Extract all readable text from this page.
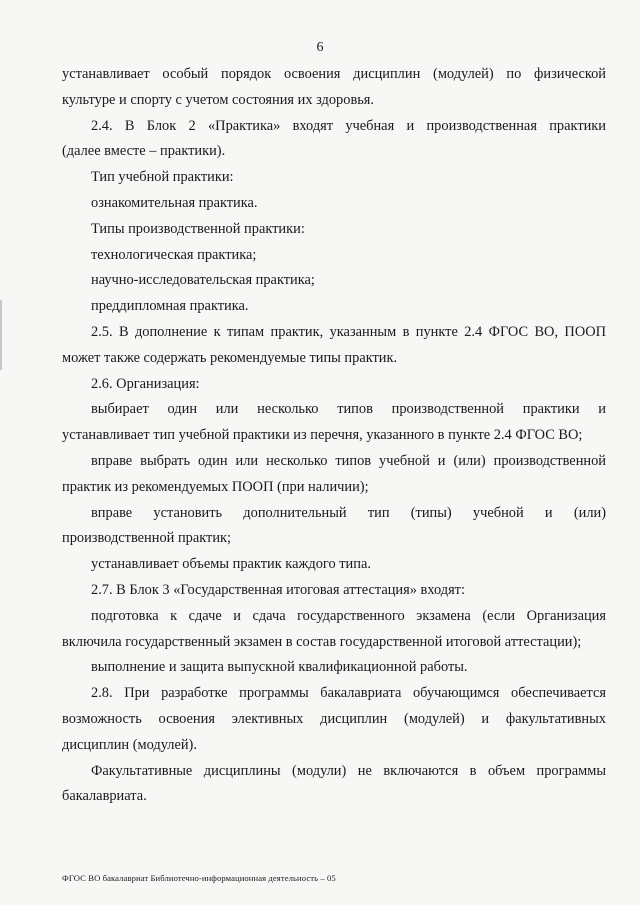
6
устанавливает особый порядок освоения дисциплин (модулей) по физической
культуре и спорту с учетом состояния их здоровья.
2.4. В Блок 2 «Практика» входят учебная и производственная практики
(далее вместе – практики).
Тип учебной практики:
ознакомительная практика.
Типы производственной практики:
технологическая практика;
научно-исследовательская практика;
преддипломная практика.
2.5. В дополнение к типам практик, указанным в пункте 2.4 ФГОС ВО, ПООП
может также содержать рекомендуемые типы практик.
2.6. Организация:
выбирает один или несколько типов производственной практики и
устанавливает тип учебной практики из перечня, указанного в пункте 2.4 ФГОС ВО;
вправе выбрать один или несколько типов учебной и (или) производственной
практик из рекомендуемых ПООП (при наличии);
вправе установить дополнительный тип (типы) учебной и (или)
производственной практик;
устанавливает объемы практик каждого типа.
2.7. В Блок 3 «Государственная итоговая аттестация» входят:
подготовка к сдаче и сдача государственного экзамена (если Организация
включила государственный экзамен в состав государственной итоговой аттестации);
выполнение и защита выпускной квалификационной работы.
2.8. При разработке программы бакалавриата обучающимся обеспечивается
возможность освоения элективных дисциплин (модулей) и факультативных
дисциплин (модулей).
Факультативные дисциплины (модули) не включаются в объем программы
бакалавриата.
ФГОС ВО бакалавриат Библиотечно-информационная деятельность – 05
